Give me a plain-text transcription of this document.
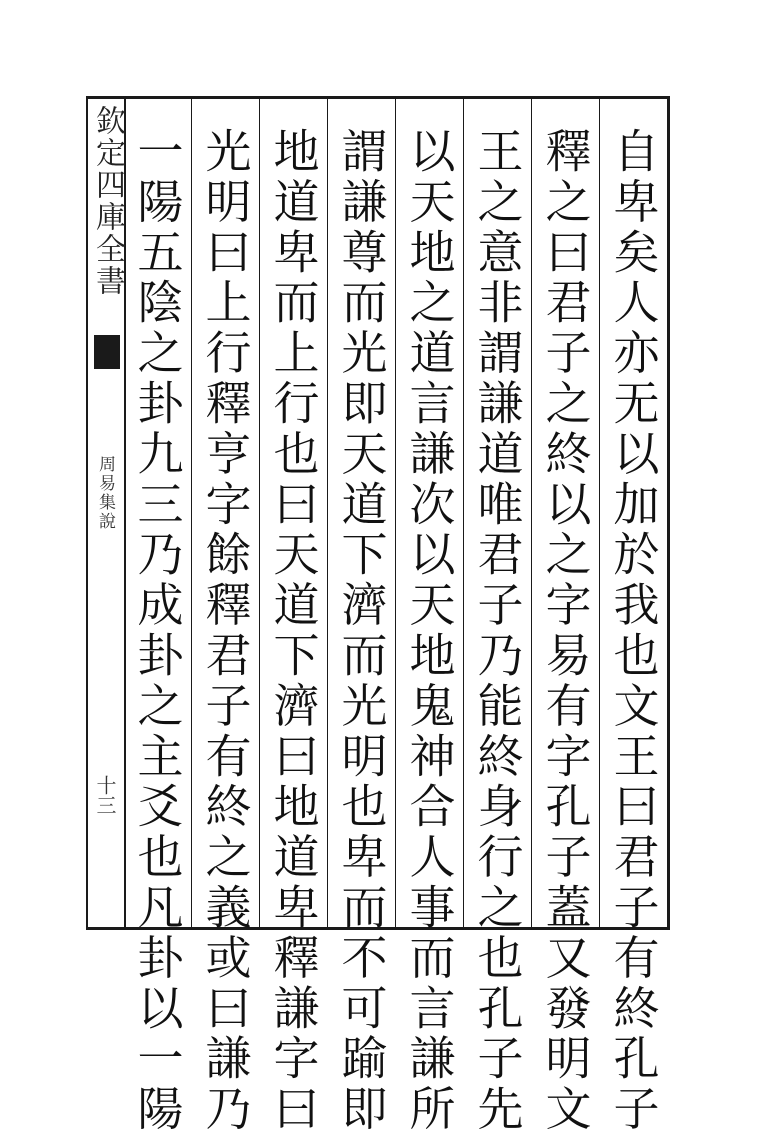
欽定四庫全書
周易集說
十三	自卑矣人亦无以加於我也文王曰君子有終孔子
釋之曰君子之終以之字易有字孔子蓋又發明文
王之意非謂謙道唯君子乃能終身行之也孔子先
以天地之道言謙次以天地鬼神合人事而言謙所
謂謙尊而光即天道下濟而光明也卑而不可踰即
地道卑而上行也曰天道下濟曰地道卑釋謙字曰
光明曰上行釋亨字餘釋君子有終之義或曰謙乃
一陽五陰之卦九三乃成卦之主爻也凡卦以一陽
